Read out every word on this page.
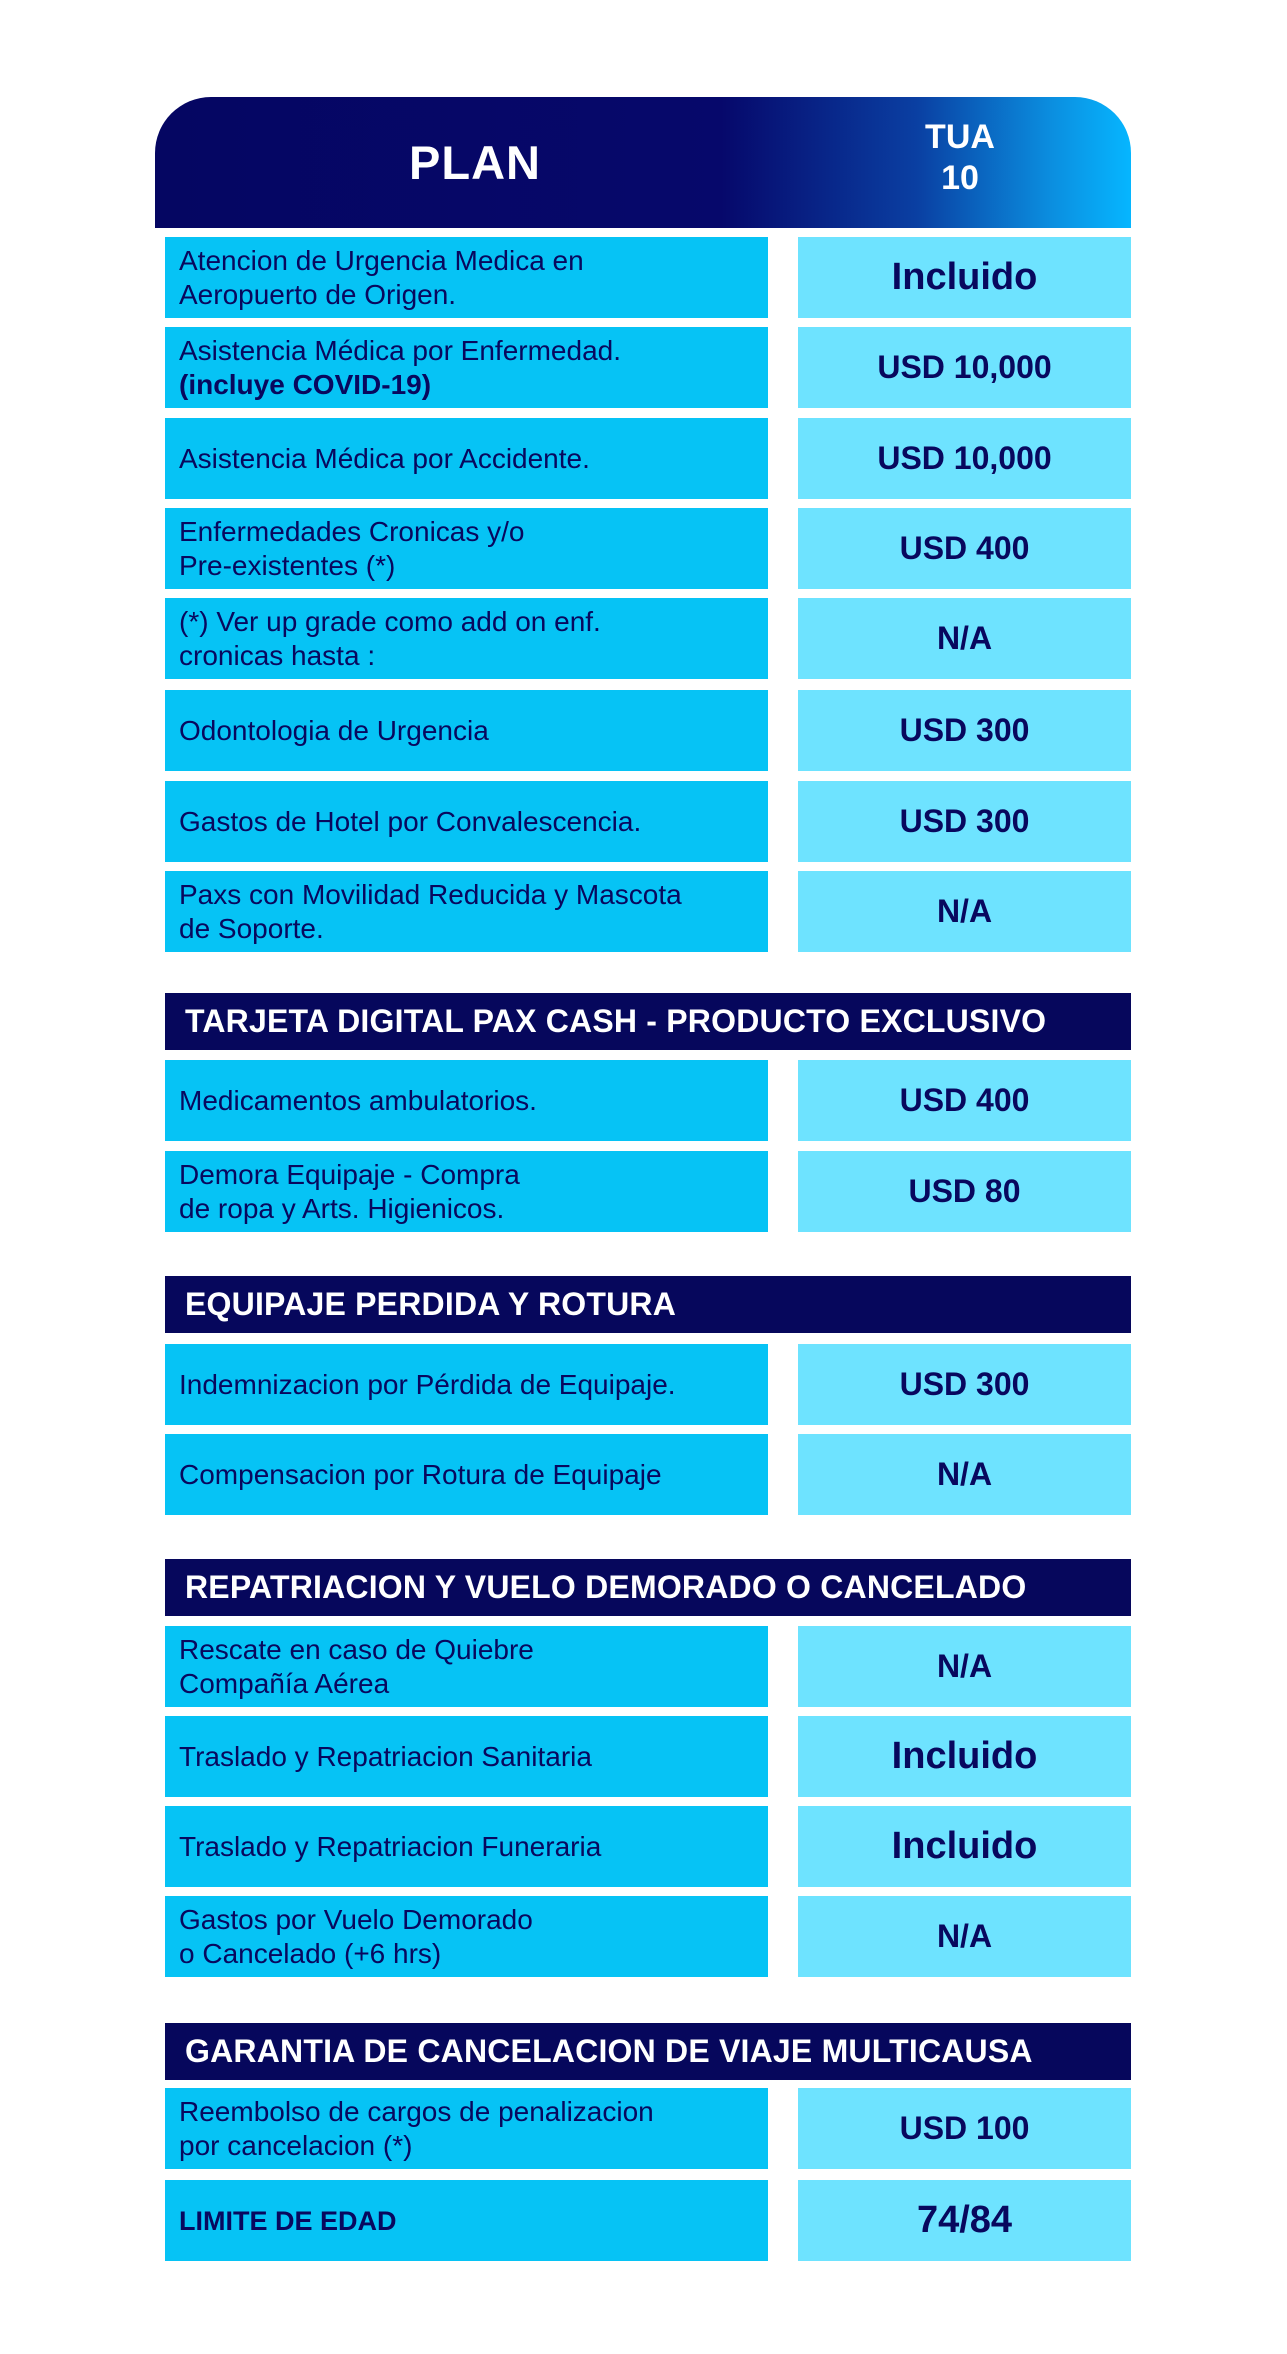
PLAN	TUA
10
Atencion de Urgencia Medica en
Aeropuerto de Origen.	Incluido
Asistencia Médica por Enfermedad.
(incluye COVID-19)	USD 10,000
Asistencia Médica por Accidente.	USD 10,000
Enfermedades Cronicas y/o
Pre-existentes (*)	USD 400
(*) Ver up grade como add on enf.
cronicas hasta :	N/A
Odontologia de Urgencia	USD 300
Gastos de Hotel por Convalescencia.	USD 300
Paxs con Movilidad Reducida y Mascota
de Soporte.	N/A
TARJETA DIGITAL PAX CASH - PRODUCTO EXCLUSIVO
Medicamentos ambulatorios.	USD 400
Demora Equipaje - Compra
de ropa y Arts. Higienicos.	USD 80
EQUIPAJE PERDIDA Y ROTURA
Indemnizacion por Pérdida de Equipaje.	USD 300
Compensacion por Rotura de Equipaje	N/A
REPATRIACION Y VUELO DEMORADO O CANCELADO
Rescate en caso de Quiebre
Compañía Aérea	N/A
Traslado y Repatriacion Sanitaria	Incluido
Traslado y Repatriacion Funeraria	Incluido
Gastos por Vuelo Demorado
o Cancelado (+6 hrs)	N/A
GARANTIA DE CANCELACION DE VIAJE MULTICAUSA
Reembolso de cargos de penalizacion
por cancelacion (*)	USD 100
LIMITE DE EDAD	74/84
